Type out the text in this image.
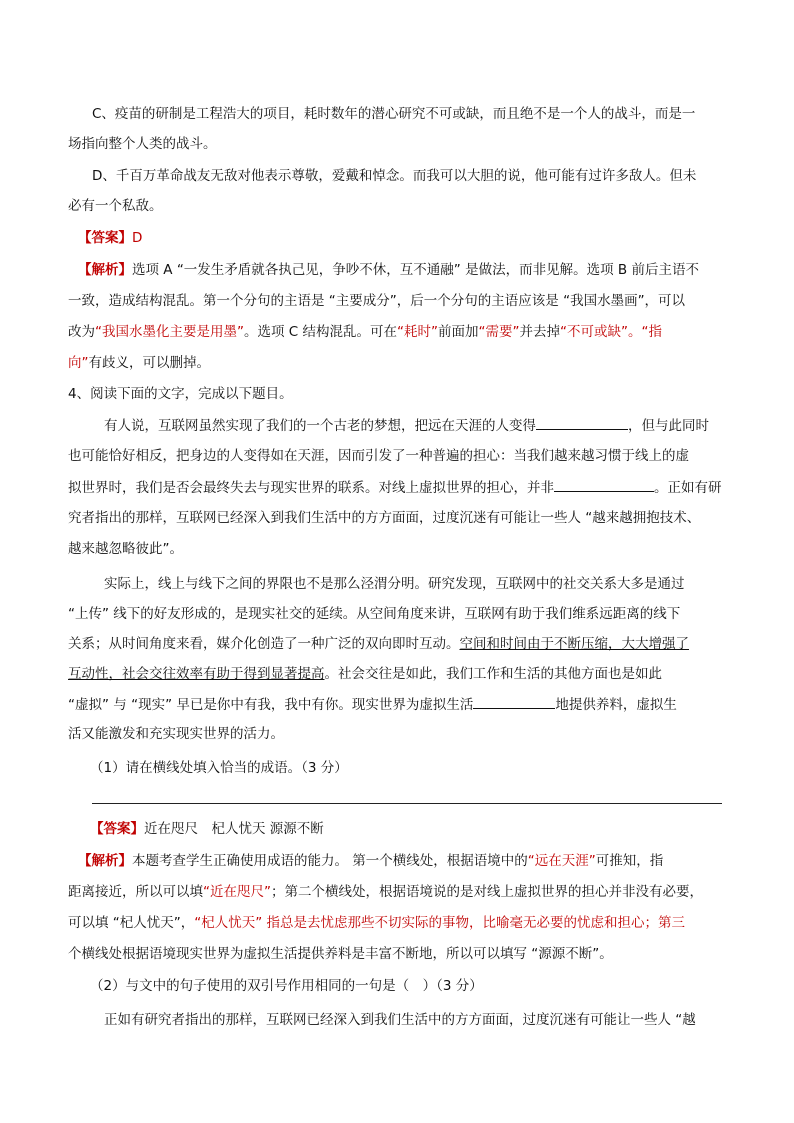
C、疫苗的研制是工程浩大的项目，耗时数年的潜心研究不可或缺，而且绝不是一个人的战斗，而是一
场指向整个人类的战斗。
D、千百万革命战友无敌对他表示尊敬，爱戴和悼念。而我可以大胆的说，他可能有过许多敌人。但未
必有一个私敌。
【答案】D
【解析】选项 A “一发生矛盾就各执己见，争吵不休，互不通融” 是做法，而非见解。选项 B 前后主语不
一致，造成结构混乱。第一个分句的主语是 “主要成分”，后一个分句的主语应该是 “我国水墨画”，可以
改为“我国水墨化主要是用墨”。选项 C 结构混乱。可在“耗时”前面加“需要”并去掉“不可或缺”。“指
向”有歧义，可以删掉。
4、阅读下面的文字，完成以下题目。
有人说，互联网虽然实现了我们的一个古老的梦想，把远在天涯的人变得	，但与此同时
也可能恰好相反，把身边的人变得如在天涯，因而引发了一种普遍的担心：当我们越来越习惯于线上的虚
拟世界时，我们是否会最终失去与现实世界的联系。对线上虚拟世界的担心，并非	。正如有研
究者指出的那样，互联网已经深入到我们生活中的方方面面，过度沉迷有可能让一些人 “越来越拥抱技术、
越来越忽略彼此”。
实际上，线上与线下之间的界限也不是那么泾渭分明。研究发现，互联网中的社交关系大多是通过
“上传” 线下的好友形成的，是现实社交的延续。从空间角度来讲，互联网有助于我们维系远距离的线下
关系；从时间角度来看，媒介化创造了一种广泛的双向即时互动。空间和时间由于不断压缩，大大增强了
互动性，社会交往效率有助于得到显著提高。社会交往是如此，我们工作和生活的其他方面也是如此
“虚拟” 与 “现实” 早已是你中有我，我中有你。现实世界为虚拟生活	地提供养料，虚拟生
活又能激发和充实现实世界的活力。
（1）请在横线处填入恰当的成语。（3 分）
【答案】近在咫尺　杞人忧天 源源不断
【解析】本题考查学生正确使用成语的能力。 第一个横线处，根据语境中的“远在天涯”可推知，指
距离接近，所以可以填“近在咫尺”；第二个横线处，根据语境说的是对线上虚拟世界的担心并非没有必要，
可以填 “杞人忧天”，“杞人忧天” 指总是去忧虑那些不切实际的事物，比喻毫无必要的忧虑和担心；第三
个横线处根据语境现实世界为虚拟生活提供养料是丰富不断地，所以可以填写 “源源不断”。
（2）与文中的句子使用的双引号作用相同的一句是（　）（3 分）
正如有研究者指出的那样，互联网已经深入到我们生活中的方方面面，过度沉迷有可能让一些人 “越
